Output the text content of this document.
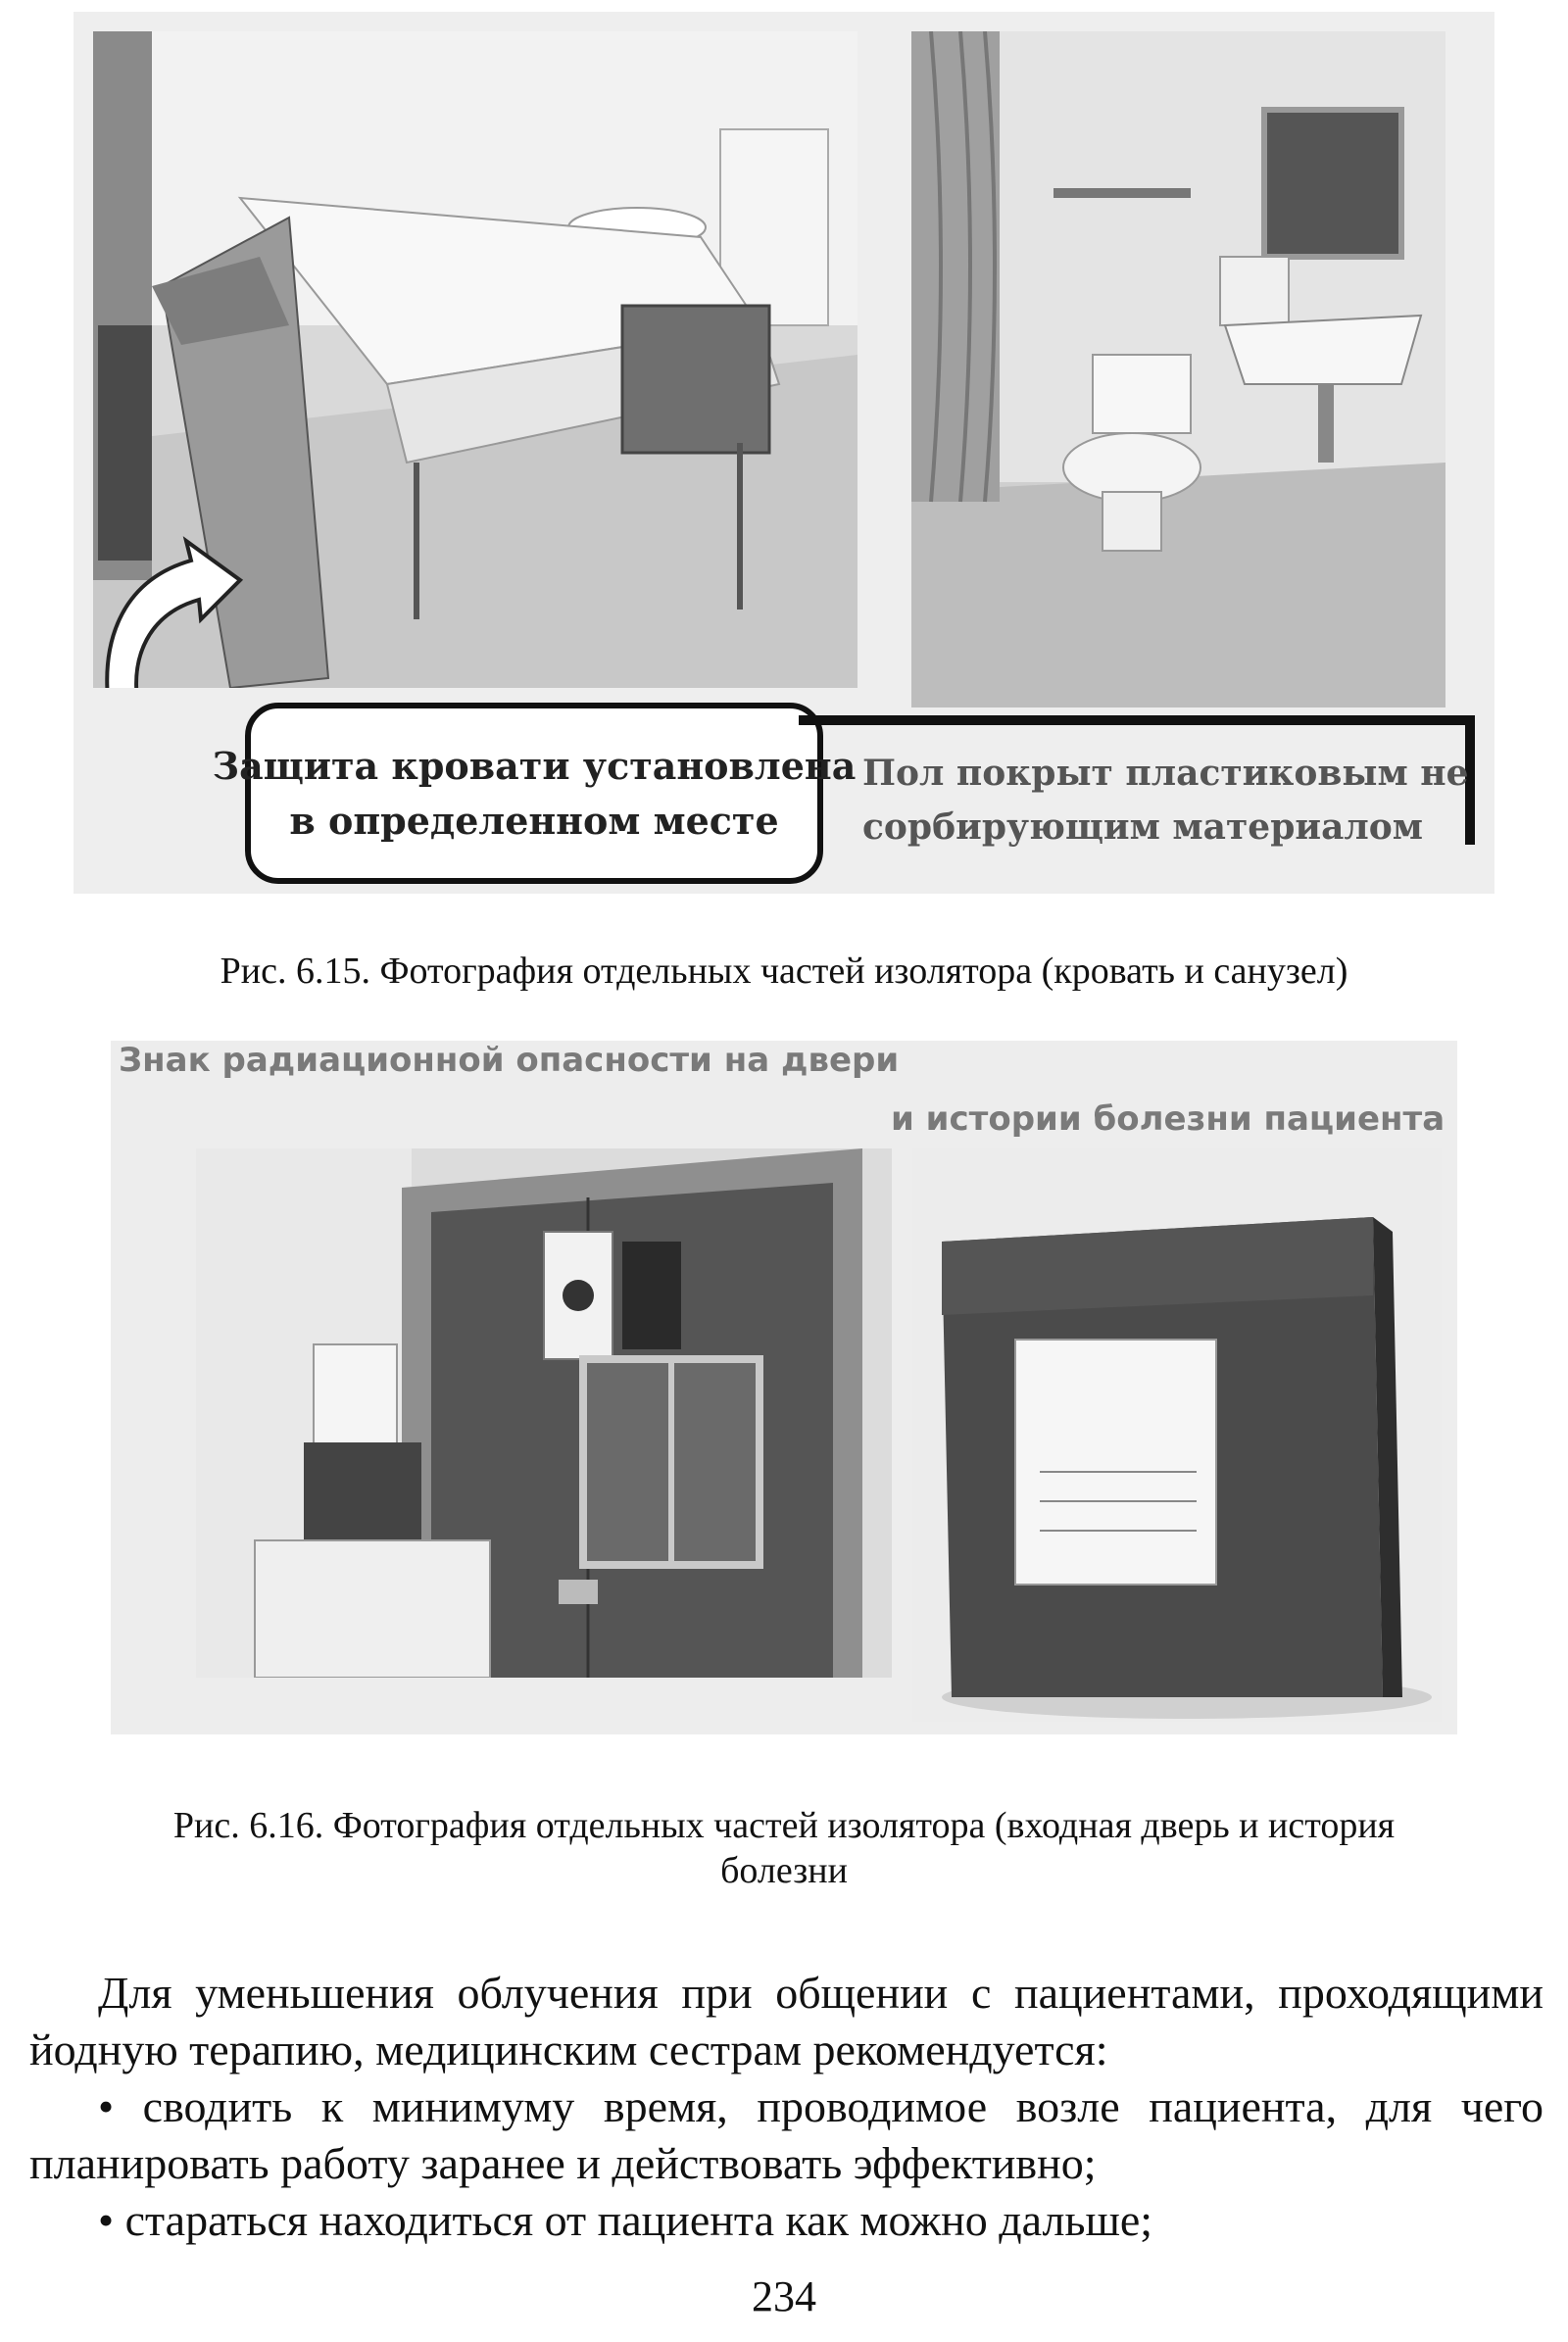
Защита кровати установлена
в определенном месте
Пол покрыт пластиковым не
сорбирующим материалом
Рис. 6.15. Фотография отдельных частей изолятора (кровать и санузел)
Знак радиационной опасности на двери
и истории болезни пациента
Рис. 6.16. Фотография отдельных частей изолятора (входная дверь и история
болезни

Для уменьшения облучения при общении с пациентами, проходящими йодную терапию, медицинским сестрам рекомендуется:

• сводить к минимуму время, проводимое возле пациента, для чего планировать работу заранее и действовать эффективно;

• стараться находиться от пациента как можно дальше;

234
